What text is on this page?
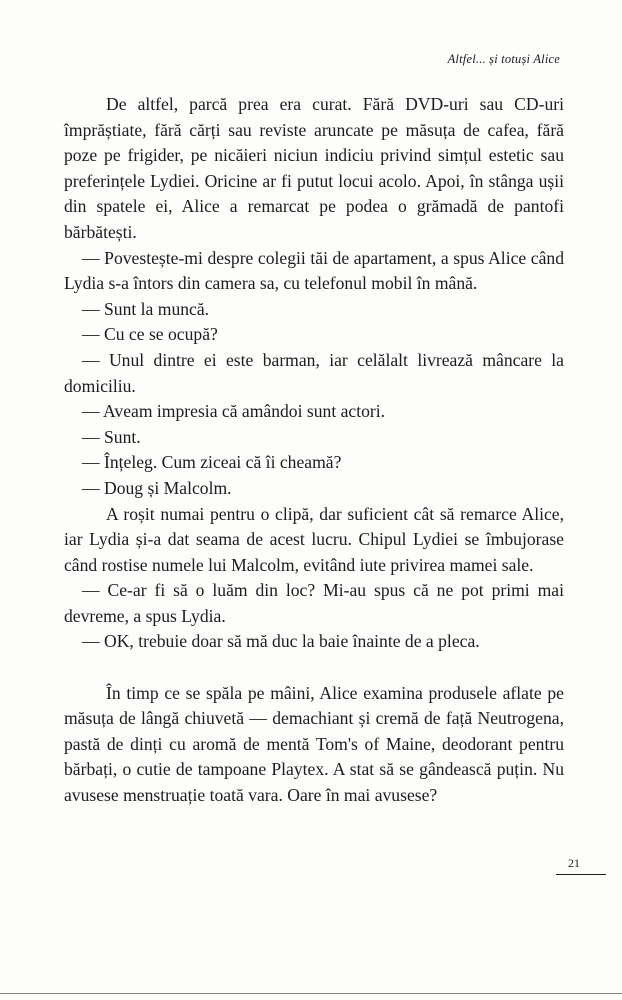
Altfel... și totuși Alice

De altfel, parcă prea era curat. Fără DVD-uri sau CD-uri împrăștiate, fără cărți sau reviste aruncate pe măsuța de cafea, fără poze pe frigider, pe nicăieri niciun indiciu privind simțul estetic sau preferințele Lydiei. Oricine ar fi putut locui acolo. Apoi, în stânga ușii din spatele ei, Alice a remarcat pe podea o grămadă de pantofi bărbătești.

— Povestește-mi despre colegii tăi de apartament, a spus Alice când Lydia s-a întors din camera sa, cu telefonul mobil în mână.

— Sunt la muncă.

— Cu ce se ocupă?

— Unul dintre ei este barman, iar celălalt livrează mâncare la domiciliu.

— Aveam impresia că amândoi sunt actori.

— Sunt.

— Înțeleg. Cum ziceai că îi cheamă?

— Doug și Malcolm.

A roșit numai pentru o clipă, dar suficient cât să remarce Alice, iar Lydia și-a dat seama de acest lucru. Chipul Lydiei se îmbujorase când rostise numele lui Malcolm, evitând iute privirea mamei sale.

— Ce-ar fi să o luăm din loc? Mi-au spus că ne pot primi mai devreme, a spus Lydia.

— OK, trebuie doar să mă duc la baie înainte de a pleca.

În timp ce se spăla pe mâini, Alice examina produsele aflate pe măsuța de lângă chiuvetă — demachiant și cremă de față Neutrogena, pastă de dinți cu aromă de mentă Tom's of Maine, deodorant pentru bărbați, o cutie de tampoane Playtex. A stat să se gândească puțin. Nu avusese menstruație toată vara. Oare în mai avusese?

21
